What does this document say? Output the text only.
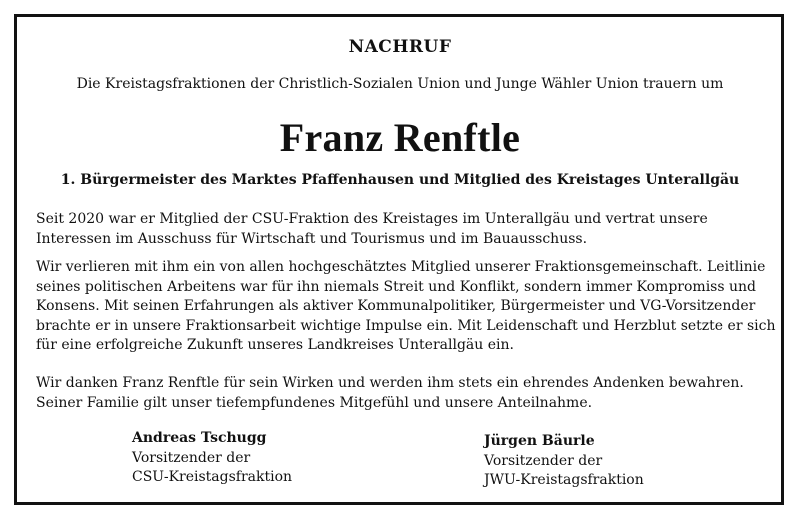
NACHRUF
Die Kreistagsfraktionen der Christlich-Sozialen Union und Junge Wähler Union trauern um
Franz Renftle
1. Bürgermeister des Marktes Pfaffenhausen und Mitglied des Kreistages Unterallgäu
Seit 2020 war er Mitglied der CSU-Fraktion des Kreistages im Unterallgäu und vertrat unsere Interessen im Ausschuss für Wirtschaft und Tourismus und im Bauausschuss.
Wir verlieren mit ihm ein von allen hochgeschätztes Mitglied unserer Fraktionsgemeinschaft. Leitlinie seines politischen Arbeitens war für ihn niemals Streit und Konflikt, sondern immer Kompromiss und Konsens. Mit seinen Erfahrungen als aktiver Kommunalpolitiker, Bürgermeister und VG-Vorsitzender brachte er in unsere Fraktionsarbeit wichtige Impulse ein. Mit Leidenschaft und Herzblut setzte er sich für eine erfolgreiche Zukunft unseres Landkreises Unterallgäu ein.
Wir danken Franz Renftle für sein Wirken und werden ihm stets ein ehrendes Andenken bewahren. Seiner Familie gilt unser tiefempfundenes Mitgefühl und unsere Anteilnahme.
Andreas Tschugg
Vorsitzender der
CSU-Kreistagsfraktion
Jürgen Bäurle
Vorsitzender der
JWU-Kreistagsfraktion
